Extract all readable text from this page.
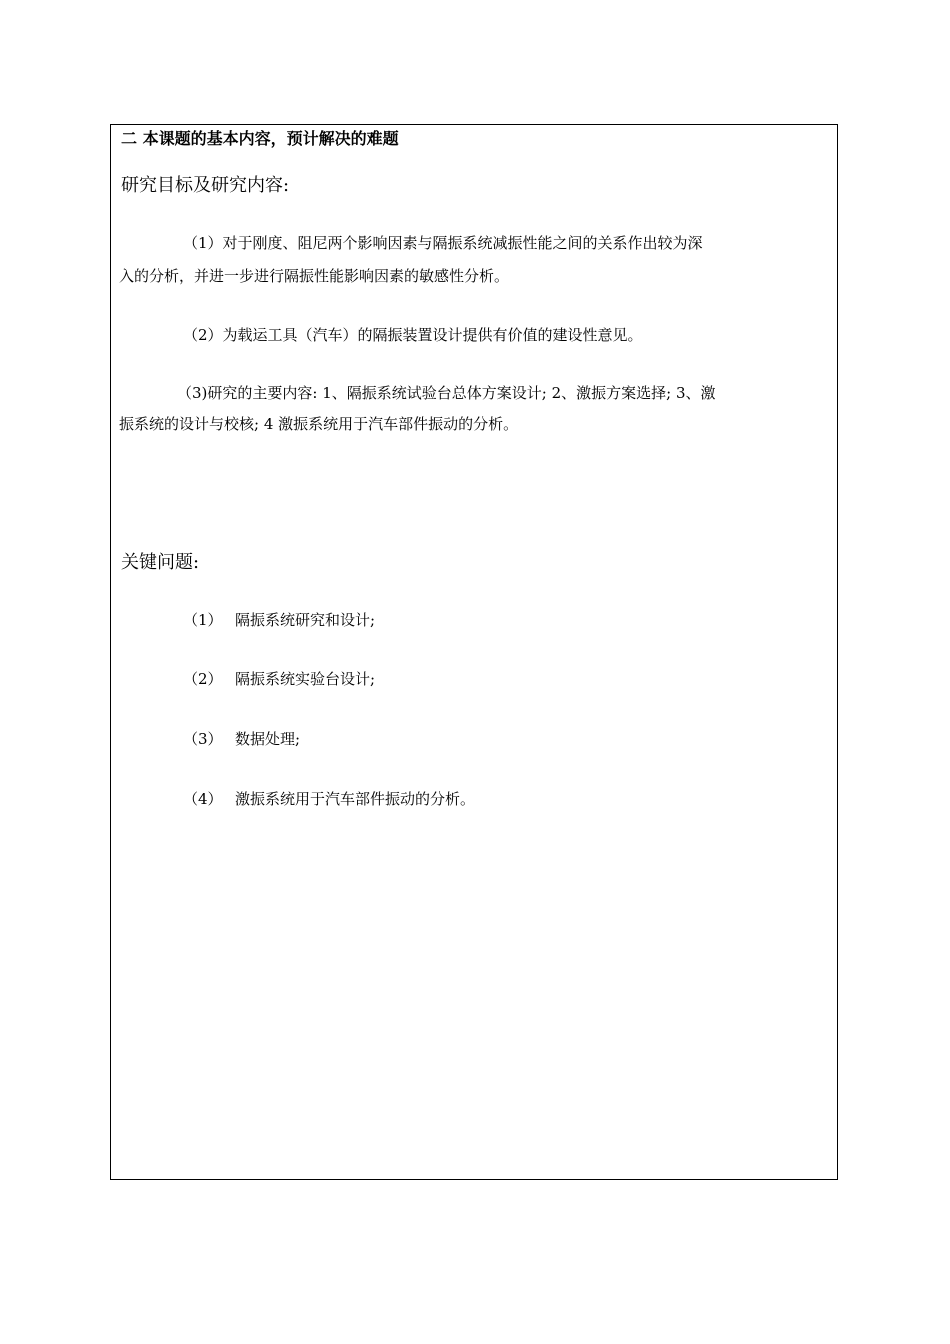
二 本课题的基本内容，预计解决的难题
研究目标及研究内容:
（1）对于刚度、阻尼两个影响因素与隔振系统减振性能之间的关系作出较为深
入的分析，并进一步进行隔振性能影响因素的敏感性分析。
（2）为载运工具（汽车）的隔振装置设计提供有价值的建设性意见。
（3)研究的主要内容: 1、隔振系统试验台总体方案设计; 2、激振方案选择; 3、激
振系统的设计与校核; 4 激振系统用于汽车部件振动的分析。
关键问题:
（1） 隔振系统研究和设计;
（2） 隔振系统实验台设计;
（3） 数据处理;
（4） 激振系统用于汽车部件振动的分析。
